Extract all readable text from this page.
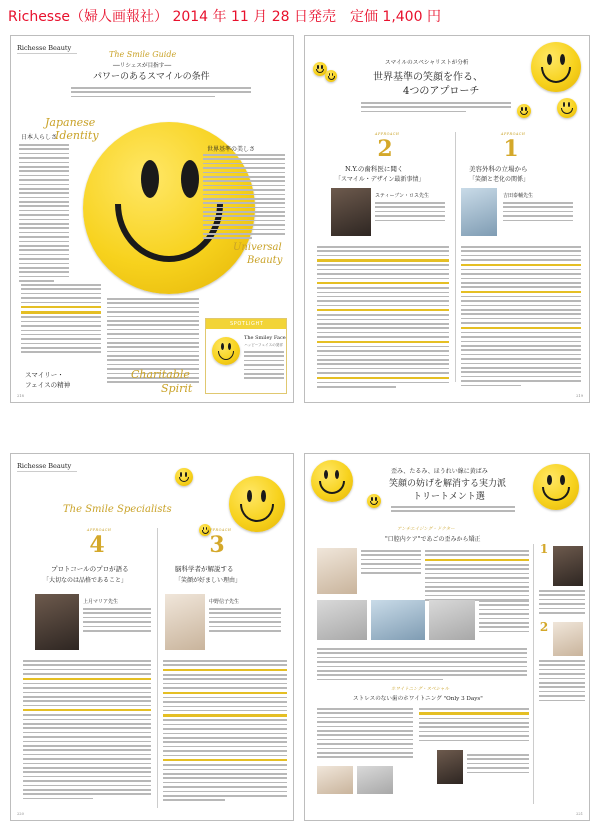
Richesse（婦人画報社） 2014 年 11 月 28 日発売　定価 1,400 円
Richesse Beauty
The Smile Guide
──リシェスが目指す──
パワーのあるスマイルの条件
Japanese
Identity
日本人らしさ
世界基準の美しさ
Universal
Beauty
SPOTLIGHT
The Smiley Face
ハッピーフェイスの発祥
Charitable
Spirit
スマイリー・
フェイスの精神
218
スマイルのスペシャリストが分析
世界基準の笑顔を作る、
4つのアプローチ
APPROACH
2
APPROACH
1
N.Y.の歯科医に聞く
「スマイル・デザイン最新事情」
美容外科の立場から
「笑顔と老化の関係」
スティーブン・ロス先生	吉田泰輔先生
219
Richesse Beauty
The Smile Specialists
APPROACH
4
APPROACH
3
プロトコールのプロが語る
「大切なのは品格であること」
脳科学者が解説する
「笑顔が好ましい理由」
上月マリア先生	中野信子先生
220
歪み、たるみ、ほうれい線に黄ばみ
笑顔の妨げを解消する実力派
トリートメント選
アンチエイジング・ドクター
"口腔内ケア"であごの歪みから矯正
1
2
ホワイトニング・スペシャル
ストレスのない歯のホワイトニング "Only 3 Days"
221
